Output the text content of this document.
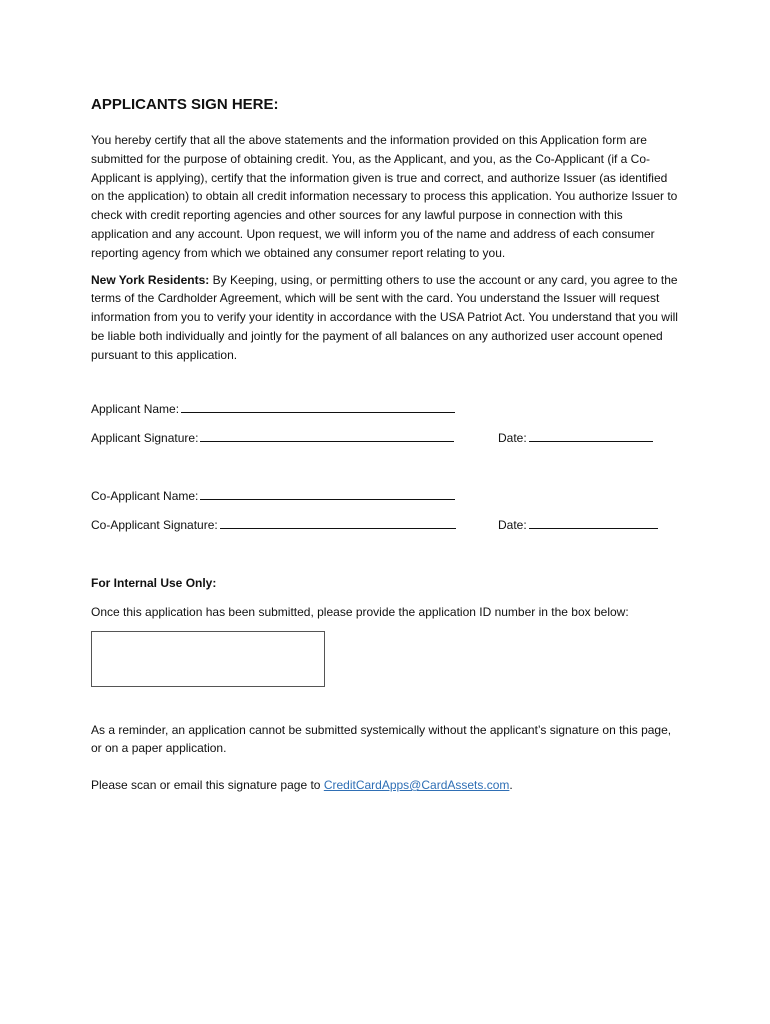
APPLICANTS SIGN HERE:

You hereby certify that all the above statements and the information provided on this Application form are submitted for the purpose of obtaining credit. You, as the Applicant, and you, as the Co-Applicant (if a Co-Applicant is applying), certify that the information given is true and correct, and authorize Issuer (as identified on the application) to obtain all credit information necessary to process this application. You authorize Issuer to check with credit reporting agencies and other sources for any lawful purpose in connection with this application and any account. Upon request, we will inform you of the name and address of each consumer reporting agency from which we obtained any consumer report relating to you.

New York Residents: By Keeping, using, or permitting others to use the account or any card, you agree to the terms of the Cardholder Agreement, which will be sent with the card. You understand the Issuer will request information from you to verify your identity in accordance with the USA Patriot Act. You understand that you will be liable both individually and jointly for the payment of all balances on any authorized user account opened pursuant to this application.

Applicant Name:
Applicant Signature:	Date:
Co-Applicant Name:
Co-Applicant Signature:	Date:
For Internal Use Only:
Once this application has been submitted, please provide the application ID number in the box below:

As a reminder, an application cannot be submitted systemically without the applicant’s signature on this page, or on a paper application.

Please scan or email this signature page to CreditCardApps@CardAssets.com.
